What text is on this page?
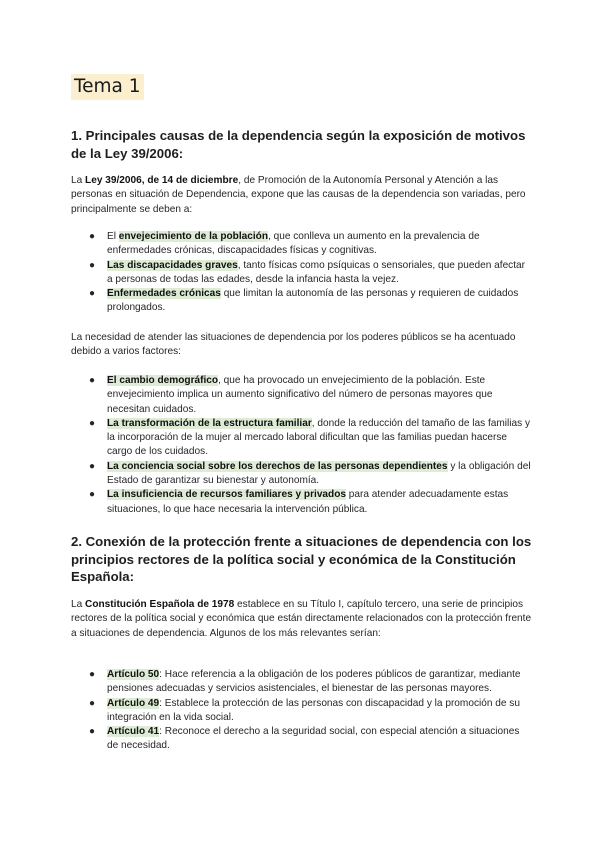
Tema 1
1. Principales causas de la dependencia según la exposición de motivos de la Ley 39/2006:

La Ley 39/2006, de 14 de diciembre, de Promoción de la Autonomía Personal y Atención a las personas en situación de Dependencia, expone que las causas de la dependencia son variadas, pero principalmente se deben a:

● El envejecimiento de la población, que conlleva un aumento en la prevalencia de enfermedades crónicas, discapacidades físicas y cognitivas.
● Las discapacidades graves, tanto físicas como psíquicas o sensoriales, que pueden afectar a personas de todas las edades, desde la infancia hasta la vejez.
● Enfermedades crónicas que limitan la autonomía de las personas y requieren de cuidados prolongados.

La necesidad de atender las situaciones de dependencia por los poderes públicos se ha acentuado debido a varios factores:

● El cambio demográfico, que ha provocado un envejecimiento de la población. Este envejecimiento implica un aumento significativo del número de personas mayores que necesitan cuidados.
● La transformación de la estructura familiar, donde la reducción del tamaño de las familias y la incorporación de la mujer al mercado laboral dificultan que las familias puedan hacerse cargo de los cuidados.
● La conciencia social sobre los derechos de las personas dependientes y la obligación del Estado de garantizar su bienestar y autonomía.
● La insuficiencia de recursos familiares y privados para atender adecuadamente estas situaciones, lo que hace necesaria la intervención pública.
2. Conexión de la protección frente a situaciones de dependencia con los principios rectores de la política social y económica de la Constitución Española:

La Constitución Española de 1978 establece en su Título I, capítulo tercero, una serie de principios rectores de la política social y económica que están directamente relacionados con la protección frente a situaciones de dependencia. Algunos de los más relevantes serían:

● Artículo 50: Hace referencia a la obligación de los poderes públicos de garantizar, mediante pensiones adecuadas y servicios asistenciales, el bienestar de las personas mayores.
● Artículo 49: Establece la protección de las personas con discapacidad y la promoción de su integración en la vida social.
● Artículo 41: Reconoce el derecho a la seguridad social, con especial atención a situaciones de necesidad.
